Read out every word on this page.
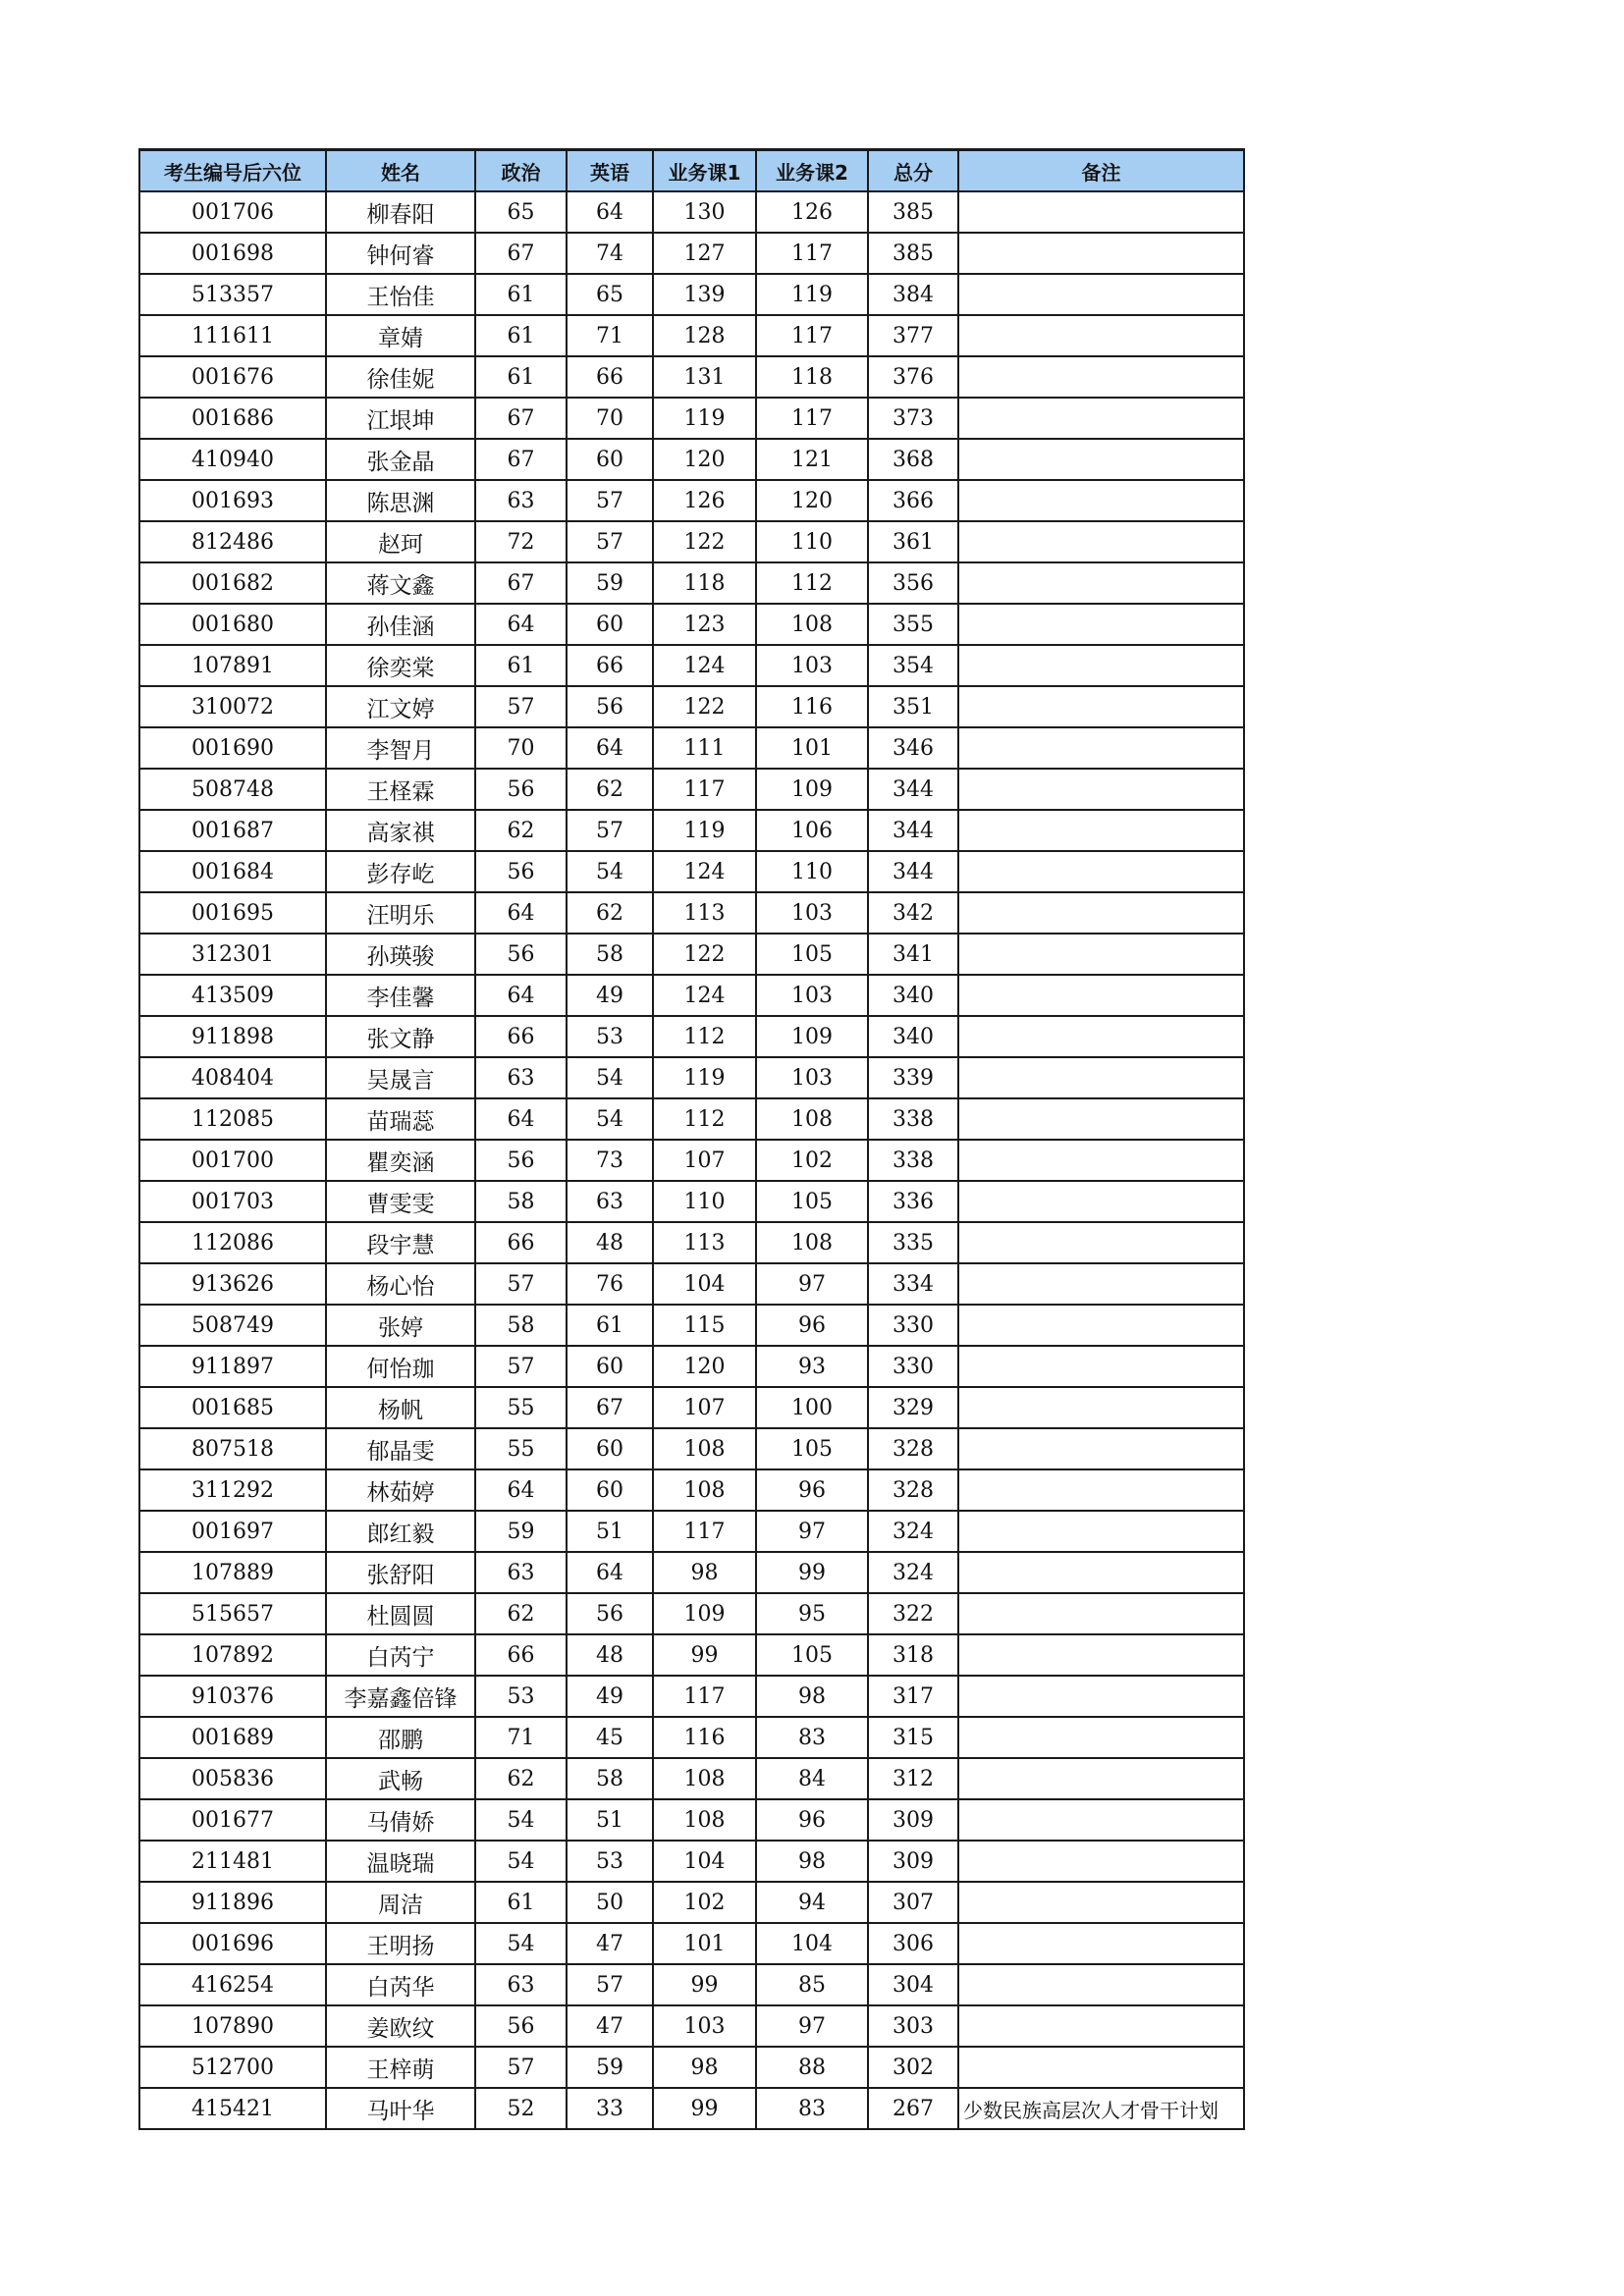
考生编号后六位	姓名	政治	英语	业务课1	业务课2	总分	备注
001706	柳春阳	65	64	130	126	385	
001698	钟何睿	67	74	127	117	385	
513357	王怡佳	61	65	139	119	384	
111611	章婧	61	71	128	117	377	
001676	徐佳妮	61	66	131	118	376	
001686	江垠坤	67	70	119	117	373	
410940	张金晶	67	60	120	121	368	
001693	陈思渊	63	57	126	120	366	
812486	赵珂	72	57	122	110	361	
001682	蒋文鑫	67	59	118	112	356	
001680	孙佳涵	64	60	123	108	355	
107891	徐奕棠	61	66	124	103	354	
310072	江文婷	57	56	122	116	351	
001690	李智月	70	64	111	101	346	
508748	王柽霖	56	62	117	109	344	
001687	高家祺	62	57	119	106	344	
001684	彭存屹	56	54	124	110	344	
001695	汪明乐	64	62	113	103	342	
312301	孙瑛骏	56	58	122	105	341	
413509	李佳馨	64	49	124	103	340	
911898	张文静	66	53	112	109	340	
408404	吴晟言	63	54	119	103	339	
112085	苗瑞蕊	64	54	112	108	338	
001700	瞿奕涵	56	73	107	102	338	
001703	曹雯雯	58	63	110	105	336	
112086	段宇慧	66	48	113	108	335	
913626	杨心怡	57	76	104	97	334	
508749	张婷	58	61	115	96	330	
911897	何怡珈	57	60	120	93	330	
001685	杨帆	55	67	107	100	329	
807518	郁晶雯	55	60	108	105	328	
311292	林茹婷	64	60	108	96	328	
001697	郎红毅	59	51	117	97	324	
107889	张舒阳	63	64	98	99	324	
515657	杜圆圆	62	56	109	95	322	
107892	白芮宁	66	48	99	105	318	
910376	李嘉鑫倍锋	53	49	117	98	317	
001689	邵鹏	71	45	116	83	315	
005836	武畅	62	58	108	84	312	
001677	马倩娇	54	51	108	96	309	
211481	温晓瑞	54	53	104	98	309	
911896	周洁	61	50	102	94	307	
001696	王明扬	54	47	101	104	306	
416254	白芮华	63	57	99	85	304	
107890	姜欧纹	56	47	103	97	303	
512700	王梓萌	57	59	98	88	302	
415421	马叶华	52	33	99	83	267	少数民族高层次人才骨干计划
